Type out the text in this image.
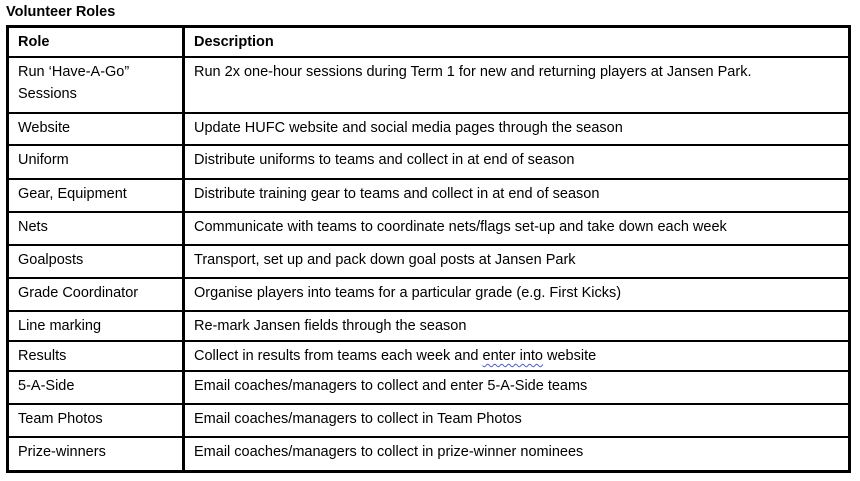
Volunteer Roles
Role	Description
Run ‘Have-A-Go” Sessions	Run 2x one-hour sessions during Term 1 for new and returning players at Jansen Park.
Website	Update HUFC website and social media pages through the season
Uniform	Distribute uniforms to teams and collect in at end of season
Gear, Equipment	Distribute training gear to teams and collect in at end of season
Nets	Communicate with teams to coordinate nets/flags set-up and take down each week
Goalposts	Transport, set up and pack down goal posts at Jansen Park
Grade Coordinator	Organise players into teams for a particular grade (e.g. First Kicks)
Line marking	Re-mark Jansen fields through the season
Results	Collect in results from teams each week and enter into website
5-A-Side	Email coaches/managers to collect and enter 5-A-Side teams
Team Photos	Email coaches/managers to collect in Team Photos
Prize-winners	Email coaches/managers to collect in prize-winner nominees
